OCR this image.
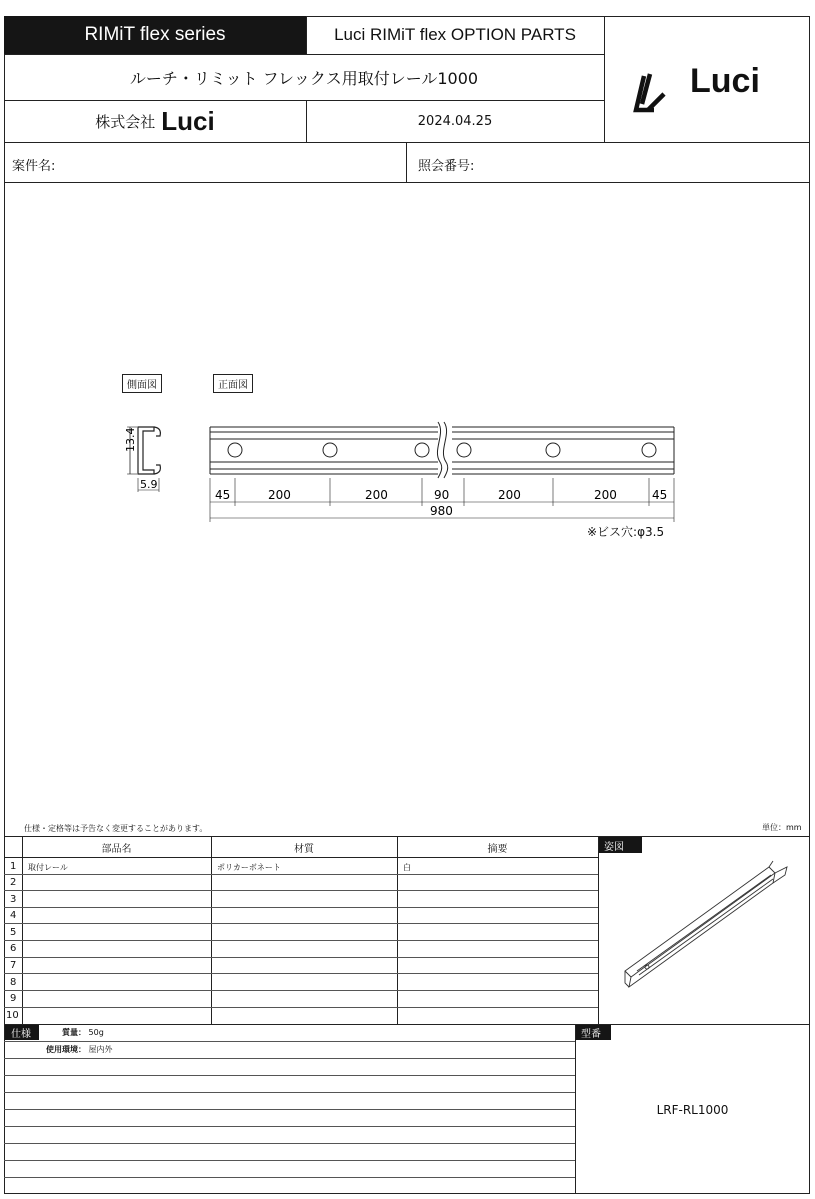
RIMiT flex series	Luci RIMiT flex OPTION PARTS
ルーチ・リミット フレックス用取付レール1000
株式会社 Luci	2024.04.25
Luci
案件名:	照会番号:
側面図	正面図
13.4
5.9
45	200	200	90	200	200	45
980
※ビス穴:φ3.5
仕様・定格等は予告なく変更することがあります。	単位：mm
部品名	材質	摘要	姿図
1 取付レール	ポリカーボネート	白
2
3
4
5
6
7
8
9
10
仕様	質量： 50g
使用環境： 屋内外
型番
LRF-RL1000
